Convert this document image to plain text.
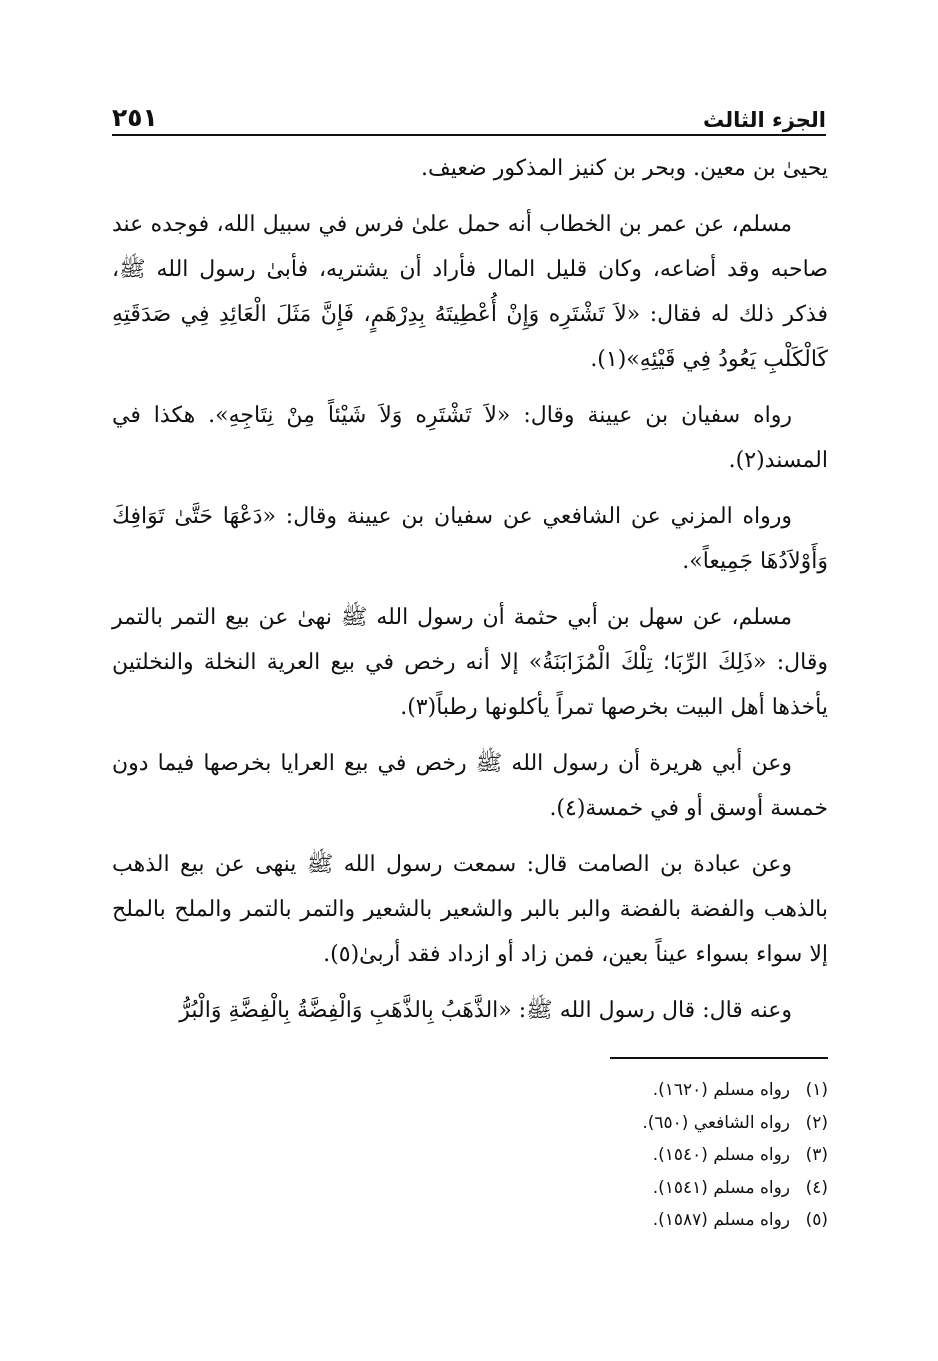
الجزء الثالث
٢٥١

يحيىٰ بن معين. وبحر بن كنيز المذكور ضعيف.

مسلم، عن عمر بن الخطاب أنه حمل علىٰ فرس في سبيل الله، فوجده عند صاحبه وقد أضاعه، وكان قليل المال فأراد أن يشتريه، فأبىٰ رسول الله ﷺ، فذكر ذلك له فقال: «لاَ تَشْتَرِه وَإِنْ أُعْطِيتَهُ بِدِرْهَمٍ، فَإِنَّ مَثَلَ الْعَائِدِ فِي صَدَقَتِهِ كَالْكَلْبِ يَعُودُ فِي قَيْئِهِ»(١).

رواه سفيان بن عيينة وقال: «لاَ تَشْتَرِه وَلاَ شَيْئاً مِنْ نِتَاجِهِ». هكذا في المسند(٢).

ورواه المزني عن الشافعي عن سفيان بن عيينة وقال: «دَعْهَا حَتَّىٰ تَوَافِكَ وَأَوْلاَدُهَا جَمِيعاً».

مسلم، عن سهل بن أبي حثمة أن رسول الله ﷺ نهىٰ عن بيع التمر بالتمر وقال: «ذَلِكَ الرِّبَا؛ تِلْكَ الْمُزَابَنَةُ» إلا أنه رخص في بيع العرية النخلة والنخلتين يأخذها أهل البيت بخرصها تمراً يأكلونها رطباً(٣).

وعن أبي هريرة أن رسول الله ﷺ رخص في بيع العرايا بخرصها فيما دون خمسة أوسق أو في خمسة(٤).

وعن عبادة بن الصامت قال: سمعت رسول الله ﷺ ينهى عن بيع الذهب بالذهب والفضة بالفضة والبر بالبر والشعير بالشعير والتمر بالتمر والملح بالملح إلا سواء بسواء عيناً بعين، فمن زاد أو ازداد فقد أربىٰ(٥).

وعنه قال: قال رسول الله ﷺ: «الذَّهَبُ بِالذَّهَبِ وَالْفِضَّةُ بِالْفِضَّةِ وَالْبُرُّ

(١)رواه مسلم (١٦٢٠).
(٢)رواه الشافعي (٦٥٠).
(٣)رواه مسلم (١٥٤٠).
(٤)رواه مسلم (١٥٤١).
(٥)رواه مسلم (١٥٨٧).
